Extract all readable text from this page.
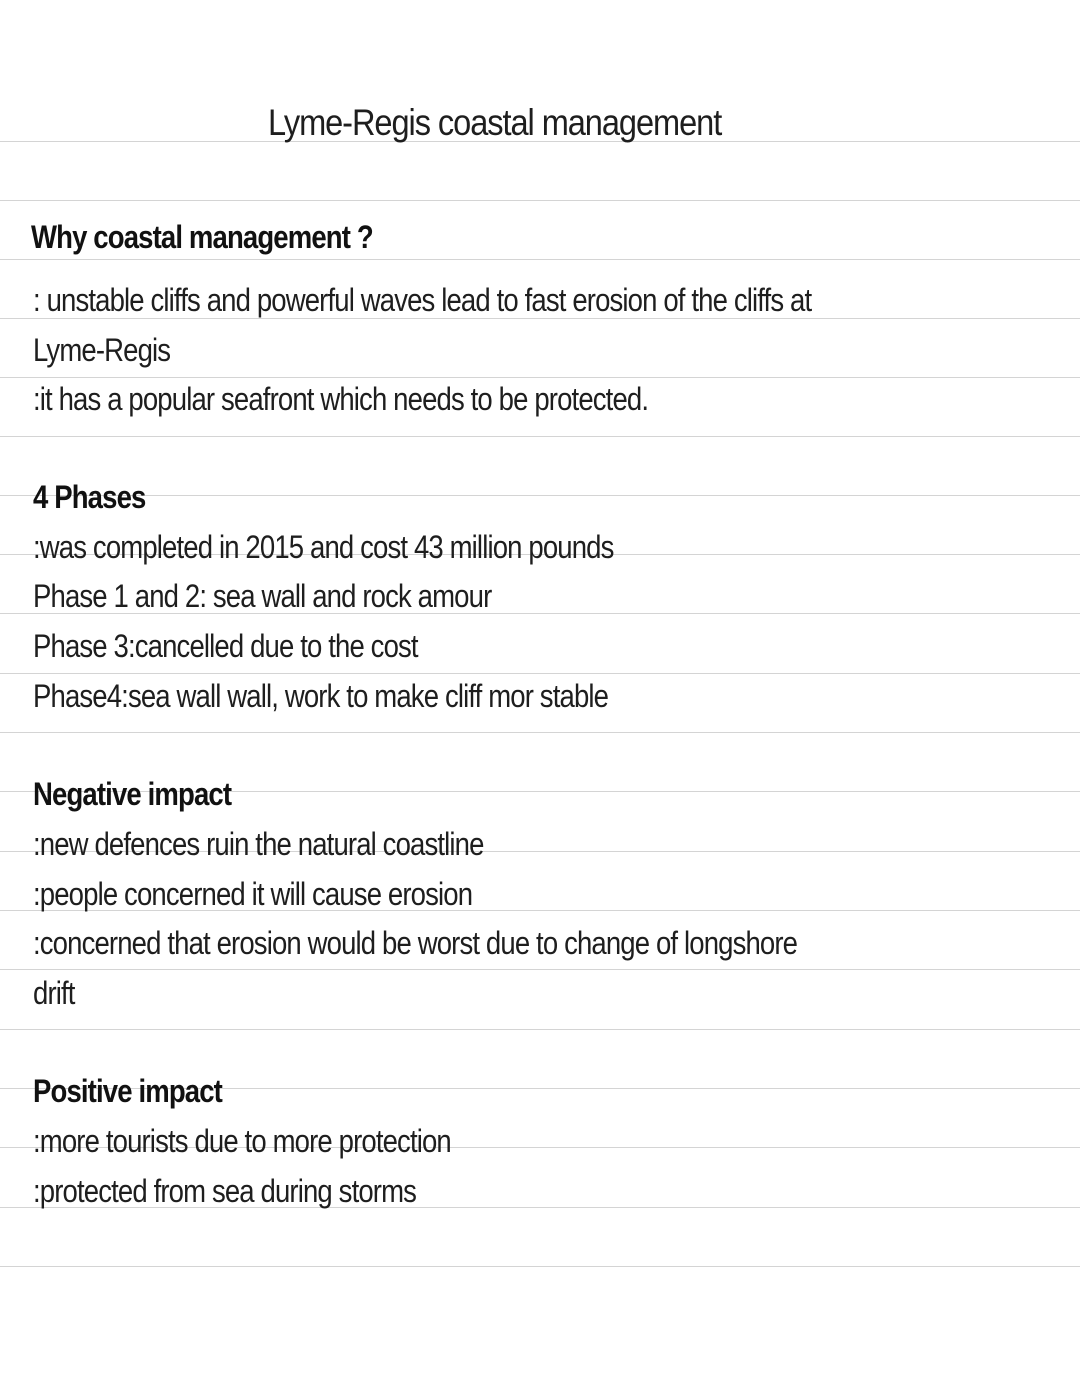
Lyme-Regis coastal management
Why coastal management ?
: unstable cliffs and powerful waves lead to fast erosion of the cliffs at
Lyme-Regis
:it has a popular seafront which needs to be protected.
4 Phases
:was completed in 2015 and cost 43 million pounds
Phase 1 and 2: sea wall and rock amour
Phase 3:cancelled due to the cost
Phase4:sea wall wall, work to make cliff mor stable
Negative impact
:new defences ruin the natural coastline
:people concerned it will cause erosion
:concerned that erosion would be worst due to change of longshore
drift
Positive impact
:more tourists due to more protection
:protected from sea during storms
